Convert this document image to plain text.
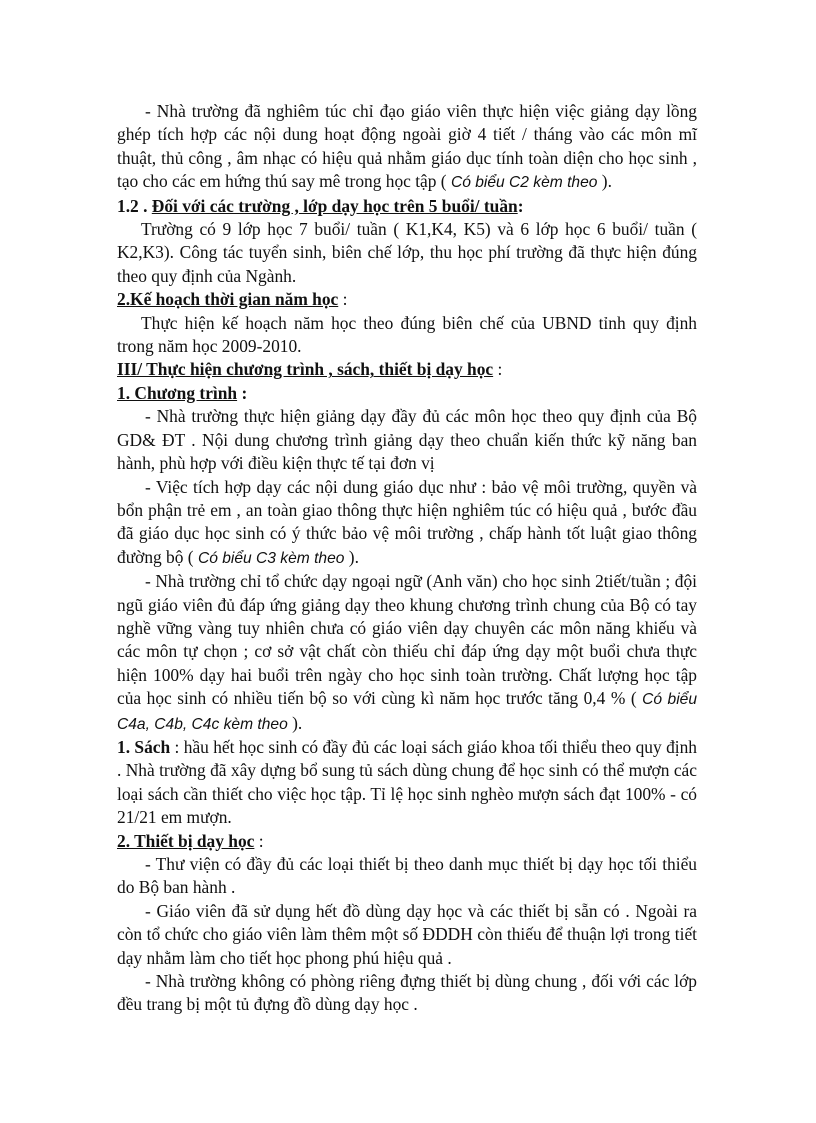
- Nhà trường đã nghiêm túc chỉ đạo giáo viên thực hiện việc giảng dạy lồng ghép tích hợp các nội dung hoạt động ngoài giờ 4 tiết / tháng vào các môn mĩ thuật, thủ công , âm nhạc có hiệu quả nhằm giáo dục tính toàn diện cho học sinh , tạo cho các em hứng thú say mê trong học tập ( Có biểu C2 kèm theo ).

1.2 . Đối với các trường , lớp dạy học trên 5 buổi/ tuần:

Trường có 9 lớp học 7 buổi/ tuần ( K1,K4, K5) và 6 lớp học 6 buổi/ tuần ( K2,K3). Công tác tuyển sinh, biên chế lớp, thu học phí trường đã thực hiện đúng theo quy định của Ngành.

2.Kế hoạch thời gian năm học :

Thực hiện kế hoạch năm học theo đúng biên chế của UBND tỉnh quy định trong năm học 2009-2010.

III/ Thực hiện chương trình , sách, thiết bị dạy học :

1. Chương trình :

- Nhà trường thực hiện giảng dạy đầy đủ các môn học theo quy định của Bộ GD& ĐT . Nội dung chương trình giảng dạy theo chuẩn kiến thức kỹ năng ban hành, phù hợp với điều kiện thực tế tại đơn vị

- Việc tích hợp dạy các nội dung giáo dục như : bảo vệ môi trường, quyền và bổn phận trẻ em , an toàn giao thông thực hiện nghiêm túc có hiệu quả , bước đầu đã giáo dục học sinh có ý thức bảo vệ môi trường , chấp hành tốt luật giao thông đường bộ ( Có biểu C3 kèm theo ).

- Nhà trường chỉ tổ chức dạy ngoại ngữ (Anh văn) cho học sinh 2tiết/tuần ; đội ngũ giáo viên đủ đáp ứng giảng dạy theo khung chương trình chung của Bộ có tay nghề vững vàng tuy nhiên chưa có giáo viên dạy chuyên các môn năng khiếu và các môn tự chọn ; cơ sở vật chất còn thiếu chỉ đáp ứng dạy một buổi chưa thực hiện 100% dạy hai buổi trên ngày cho học sinh toàn trường. Chất lượng học tập của học sinh có nhiều tiến bộ so với cùng kì năm học trước tăng 0,4 % ( Có biểu C4a, C4b, C4c kèm theo ).

1. Sách : hầu hết học sinh có đầy đủ các loại sách giáo khoa tối thiểu theo quy định . Nhà trường đã xây dựng bổ sung tủ sách dùng chung để học sinh có thể mượn các loại sách cần thiết cho việc học tập. Tỉ lệ học sinh nghèo mượn sách đạt 100% - có 21/21 em mượn.

2. Thiết bị dạy học :

- Thư viện có đầy đủ các loại thiết bị theo danh mục thiết bị dạy học tối thiểu do Bộ ban hành .

- Giáo viên đã sử dụng hết đồ dùng dạy học và các thiết bị sẵn có . Ngoài ra còn tổ chức cho giáo viên làm thêm một số ĐDDH còn thiếu để thuận lợi trong tiết dạy nhằm làm cho tiết học phong phú hiệu quả .

- Nhà trường không có phòng riêng đựng thiết bị dùng chung , đối với các lớp đều trang bị một tủ đựng đồ dùng dạy học .
